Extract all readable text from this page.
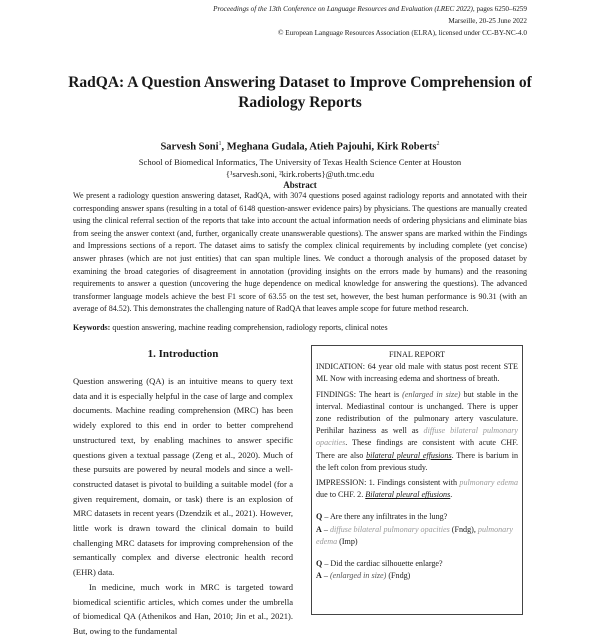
Proceedings of the 13th Conference on Language Resources and Evaluation (LREC 2022), pages 6250–6259
Marseille, 20-25 June 2022
© European Language Resources Association (ELRA), licensed under CC-BY-NC-4.0
RadQA: A Question Answering Dataset to Improve Comprehension of Radiology Reports
Sarvesh Soni$^1$, Meghana Gudala, Atieh Pajouhi, Kirk Roberts$^2$
School of Biomedical Informatics, The University of Texas Health Science Center at Houston
{¹sarvesh.soni, ²kirk.roberts}@uth.tmc.edu
Abstract
We present a radiology question answering dataset, RadQA, with 3074 questions posed against radiology reports and annotated with their corresponding answer spans (resulting in a total of 6148 question-answer evidence pairs) by physicians. The questions are manually created using the clinical referral section of the reports that take into account the actual information needs of ordering physicians and eliminate bias from seeing the answer context (and, further, organically create unanswerable questions). The answer spans are marked within the Findings and Impressions sections of a report. The dataset aims to satisfy the complex clinical requirements by including complete (yet concise) answer phrases (which are not just entities) that can span multiple lines. We conduct a thorough analysis of the proposed dataset by examining the broad categories of disagreement in annotation (providing insights on the errors made by humans) and the reasoning requirements to answer a question (uncovering the huge dependence on medical knowledge for answering the questions). The advanced transformer language models achieve the best F1 score of 63.55 on the test set, however, the best human performance is 90.31 (with an average of 84.52). This demonstrates the challenging nature of RadQA that leaves ample scope for future method research.
Keywords: question answering, machine reading comprehension, radiology reports, clinical notes
1. Introduction

Question answering (QA) is an intuitive means to query text data and it is especially helpful in the case of large and complex documents. Machine reading comprehension (MRC) has been widely explored to this end in order to better comprehend unstructured text, by enabling machines to answer specific questions given a textual passage (Zeng et al., 2020). Much of these pursuits are powered by neural models and since a well-constructed dataset is pivotal to building a suitable model (for a given requirement, domain, or task) there is an explosion of MRC datasets in recent years (Dzendzik et al., 2021). However, little work is drawn toward the clinical domain to build challenging MRC datasets for improving comprehension of the semantically complex and diverse electronic health record (EHR) data.

In medicine, much work in MRC is targeted toward biomedical scientific articles, which comes under the umbrella of biomedical QA (Athenikos and Han, 2010; Jin et al., 2021). But, owing to the fundamental

FINAL REPORT

INDICATION: 64 year old male with status post recent STE MI. Now with increasing edema and shortness of breath.

FINDINGS: The heart is (enlarged in size) but stable in the interval. Mediastinal contour is unchanged. There is upper zone redistribution of the pulmonary artery vasculature. Perihilar haziness as well as diffuse bilateral pulmonary opacities. These findings are consistent with acute CHF. There are also bilateral pleural effusions. There is barium in the left colon from previous study.

IMPRESSION: 1. Findings consistent with pulmonary edema due to CHF. 2. Bilateral pleural effusions.

Q – Are there any infiltrates in the lung?
A – diffuse bilateral pulmonary opacities (Fndg), pulmonary edema (Imp)

Q – Did the cardiac silhouette enlarge?
A – (enlarged in size) (Fndg)
